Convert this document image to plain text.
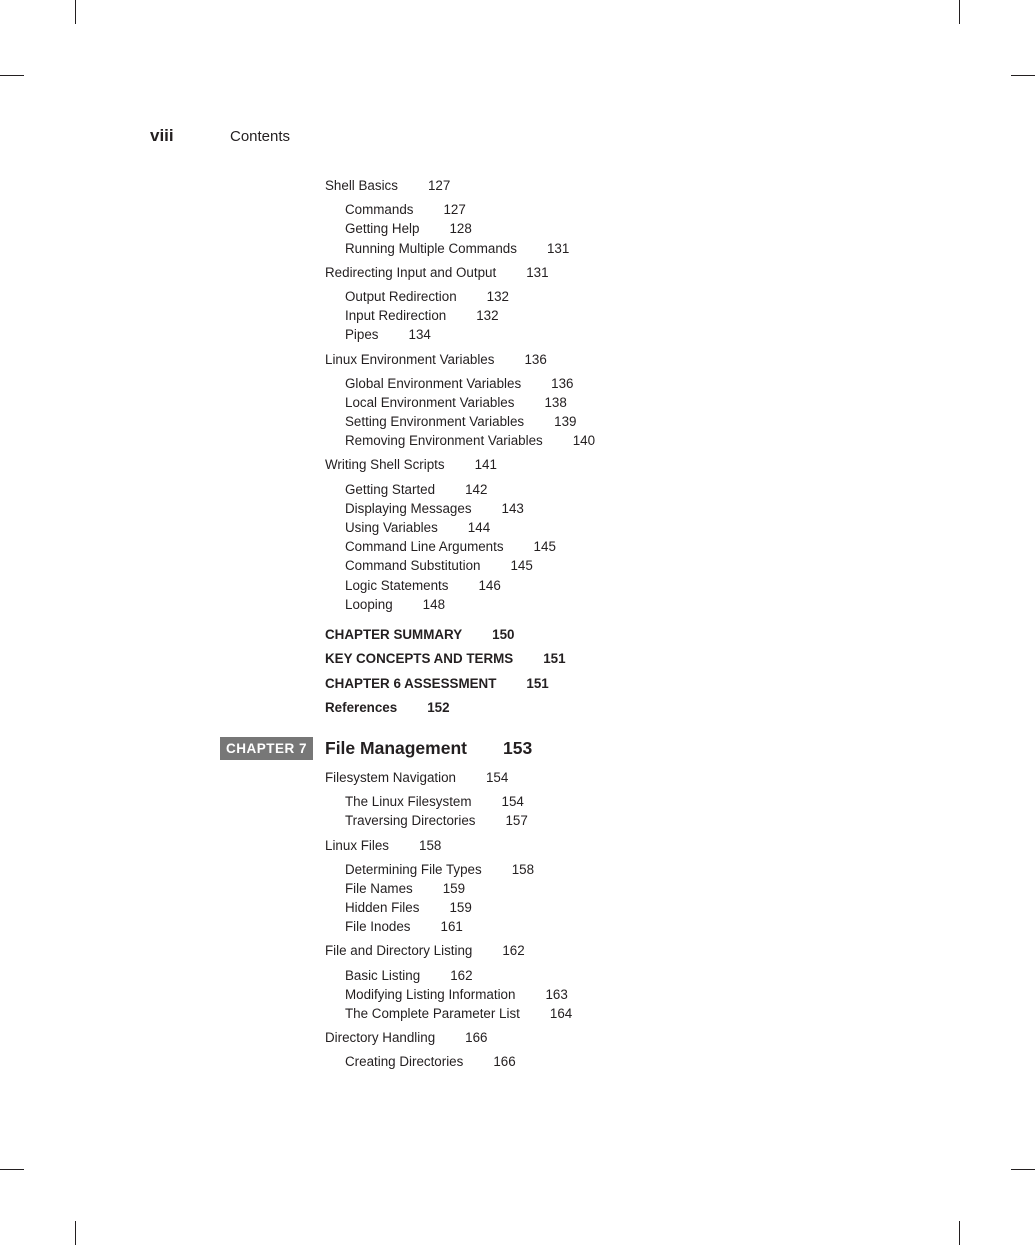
viii	Contents
Shell Basics 127
Commands 127
Getting Help 128
Running Multiple Commands 131
Redirecting Input and Output 131
Output Redirection 132
Input Redirection 132
Pipes 134
Linux Environment Variables 136
Global Environment Variables 136
Local Environment Variables 138
Setting Environment Variables 139
Removing Environment Variables 140
Writing Shell Scripts 141
Getting Started 142
Displaying Messages 143
Using Variables 144
Command Line Arguments 145
Command Substitution 145
Logic Statements 146
Looping 148
CHAPTER SUMMARY 150
KEY CONCEPTS AND TERMS 151
CHAPTER 6 ASSESSMENT 151
References 152
CHAPTER 7	File Management 153
Filesystem Navigation 154
The Linux Filesystem 154
Traversing Directories 157
Linux Files 158
Determining File Types 158
File Names 159
Hidden Files 159
File Inodes 161
File and Directory Listing 162
Basic Listing 162
Modifying Listing Information 163
The Complete Parameter List 164
Directory Handling 166
Creating Directories 166
